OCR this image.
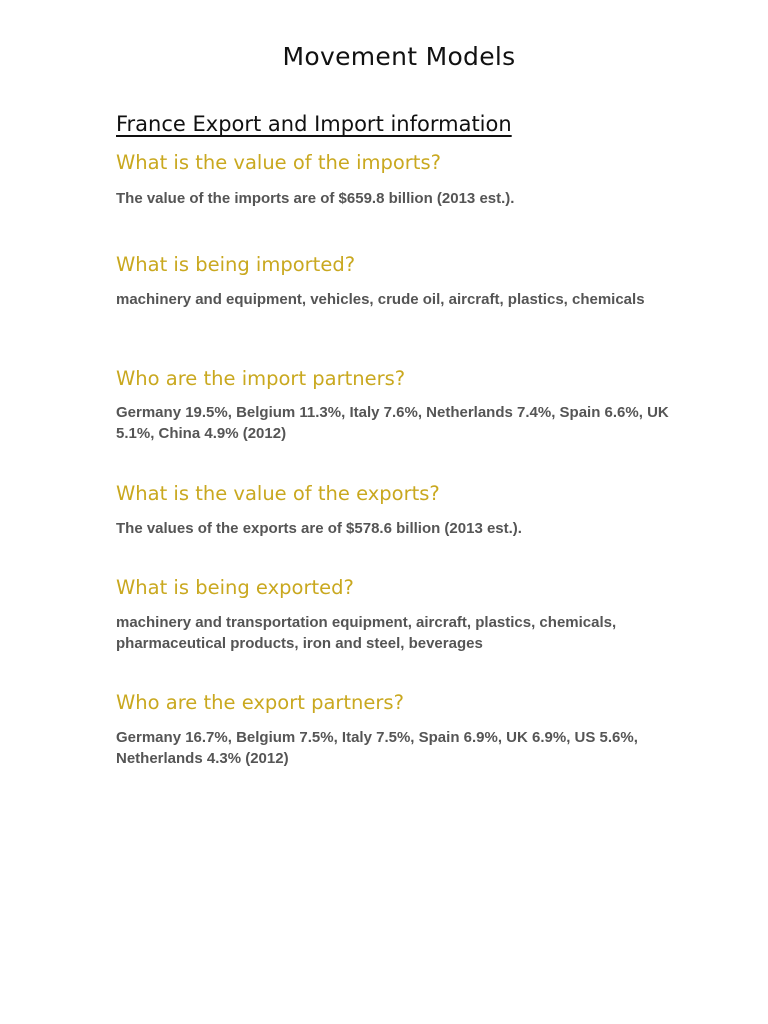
Movement Models
France Export and Import information
What is the value of the imports?

The value of the imports are of $659.8 billion (2013 est.).

What is being imported?

machinery and equipment, vehicles, crude oil, aircraft, plastics, chemicals

Who are the import partners?

Germany 19.5%, Belgium 11.3%, Italy 7.6%, Netherlands 7.4%, Spain 6.6%, UK 5.1%, China 4.9% (2012)

What is the value of the exports?

The values of the exports are of $578.6 billion (2013 est.).

What is being exported?

machinery and transportation equipment, aircraft, plastics, chemicals, pharmaceutical products, iron and steel, beverages

Who are the export partners?

Germany 16.7%, Belgium 7.5%, Italy 7.5%, Spain 6.9%, UK 6.9%, US 5.6%, Netherlands 4.3% (2012)
